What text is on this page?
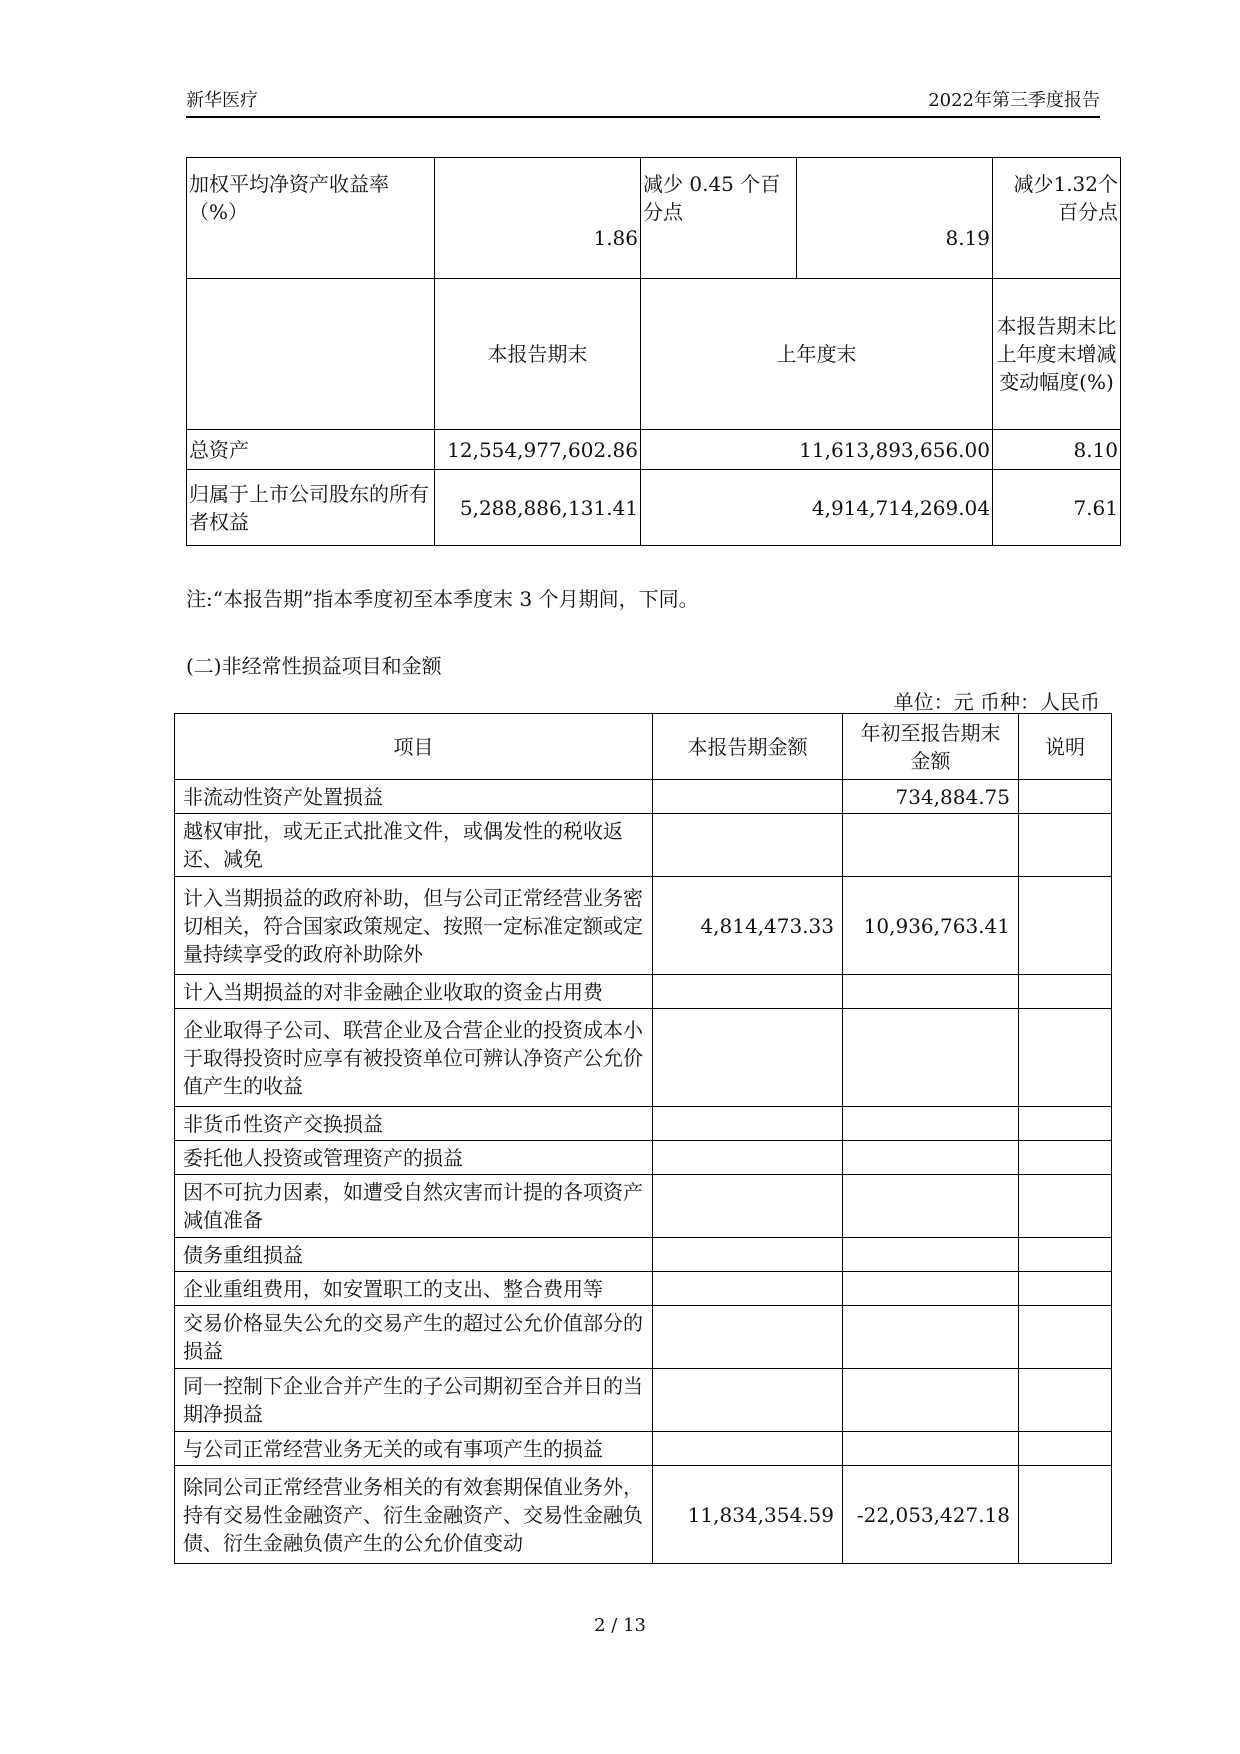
新华医疗	2022年第三季度报告
加权平均净资产收益率（%）	1.86	减少 0.45 个百分点	8.19	减少1.32个百分点
	本报告期末	上年度末		本报告期末比上年度末增减变动幅度(%)
总资产	12,554,977,602.86	11,613,893,656.00		8.10
归属于上市公司股东的所有者权益	5,288,886,131.41	4,914,714,269.04		7.61
注:“本报告期”指本季度初至本季度末 3 个月期间，下同。
(二)非经常性损益项目和金额
单位：元 币种：人民币
项目	本报告期金额	年初至报告期末金额	说明
非流动性资产处置损益		734,884.75	
越权审批，或无正式批准文件，或偶发性的税收返还、减免			
计入当期损益的政府补助，但与公司正常经营业务密切相关，符合国家政策规定、按照一定标准定额或定量持续享受的政府补助除外	4,814,473.33	10,936,763.41	
计入当期损益的对非金融企业收取的资金占用费			
企业取得子公司、联营企业及合营企业的投资成本小于取得投资时应享有被投资单位可辨认净资产公允价值产生的收益			
非货币性资产交换损益			
委托他人投资或管理资产的损益			
因不可抗力因素，如遭受自然灾害而计提的各项资产减值准备			
债务重组损益			
企业重组费用，如安置职工的支出、整合费用等			
交易价格显失公允的交易产生的超过公允价值部分的损益			
同一控制下企业合并产生的子公司期初至合并日的当期净损益			
与公司正常经营业务无关的或有事项产生的损益			
除同公司正常经营业务相关的有效套期保值业务外，持有交易性金融资产、衍生金融资产、交易性金融负债、衍生金融负债产生的公允价值变动	11,834,354.59	-22,053,427.18	
2 / 13
